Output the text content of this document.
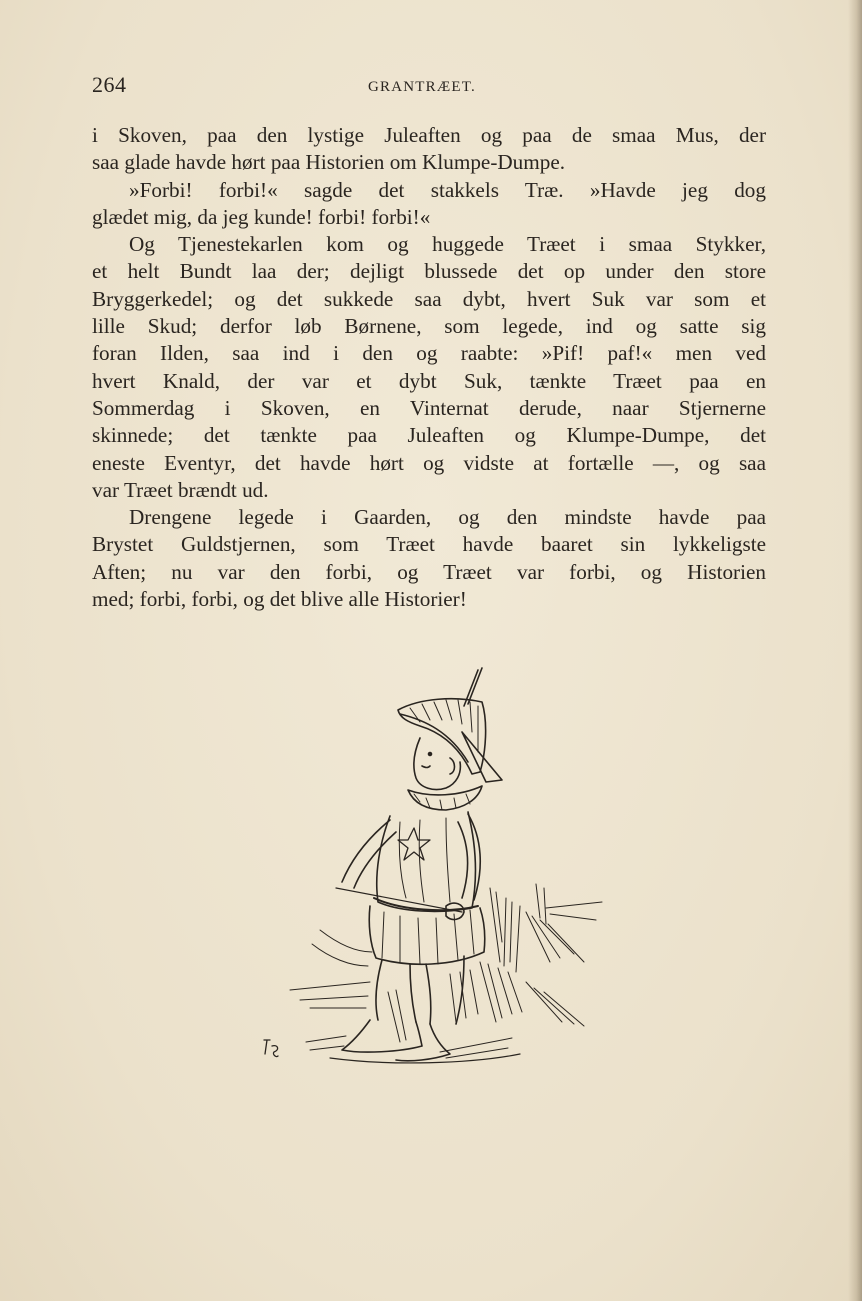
264	GRANTRÆET.
i Skoven, paa den lystige Juleaften og paa de smaa Mus, der
saa glade havde hørt paa Historien om Klumpe-Dumpe.
»Forbi! forbi!« sagde det stakkels Træ. »Havde jeg dog
glædet mig, da jeg kunde! forbi! forbi!«
Og Tjenestekarlen kom og huggede Træet i smaa Stykker,
et helt Bundt laa der; dejligt blussede det op under den store
Bryggerkedel; og det sukkede saa dybt, hvert Suk var som et
lille Skud; derfor løb Børnene, som legede, ind og satte sig
foran Ilden, saa ind i den og raabte: »Pif! paf!« men ved
hvert Knald, der var et dybt Suk, tænkte Træet paa en
Sommerdag i Skoven, en Vinternat derude, naar Stjernerne
skinnede; det tænkte paa Juleaften og Klumpe-Dumpe, det
eneste Eventyr, det havde hørt og vidste at fortælle —, og saa
var Træet brændt ud.
Drengene legede i Gaarden, og den mindste havde paa
Brystet Guldstjernen, som Træet havde baaret sin lykkeligste
Aften; nu var den forbi, og Træet var forbi, og Historien
med; forbi, forbi, og det blive alle Historier!
